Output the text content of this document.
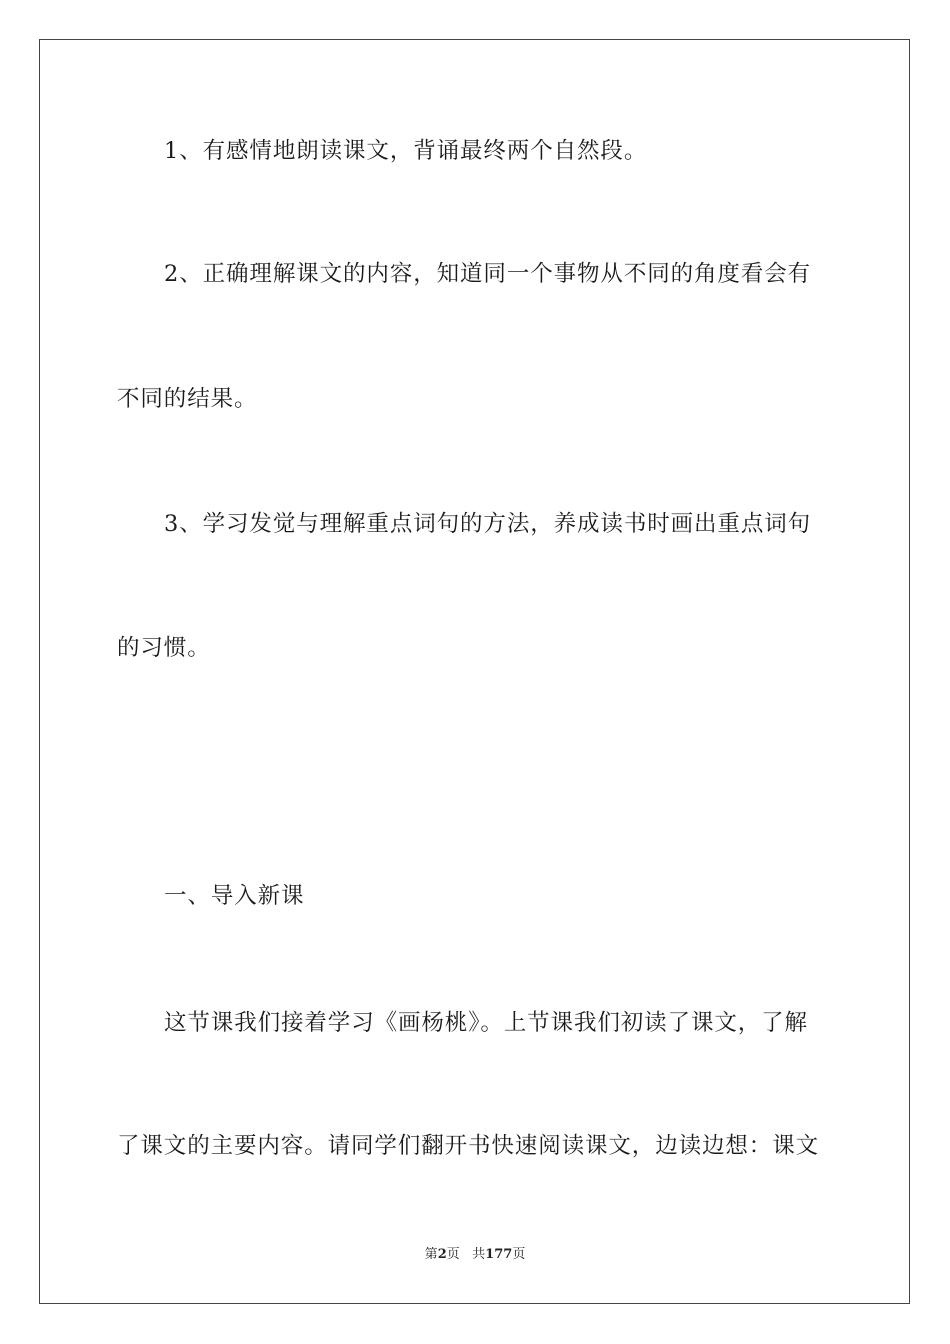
1、有感情地朗读课文，背诵最终两个自然段。
2、正确理解课文的内容，知道同一个事物从不同的角度看会有
不同的结果。
3、学习发觉与理解重点词句的方法，养成读书时画出重点词句
的习惯。
一、导入新课
这节课我们接着学习《画杨桃》。上节课我们初读了课文，了解
了课文的主要内容。请同学们翻开书快速阅读课文，边读边想：课文
第2页 共177页
